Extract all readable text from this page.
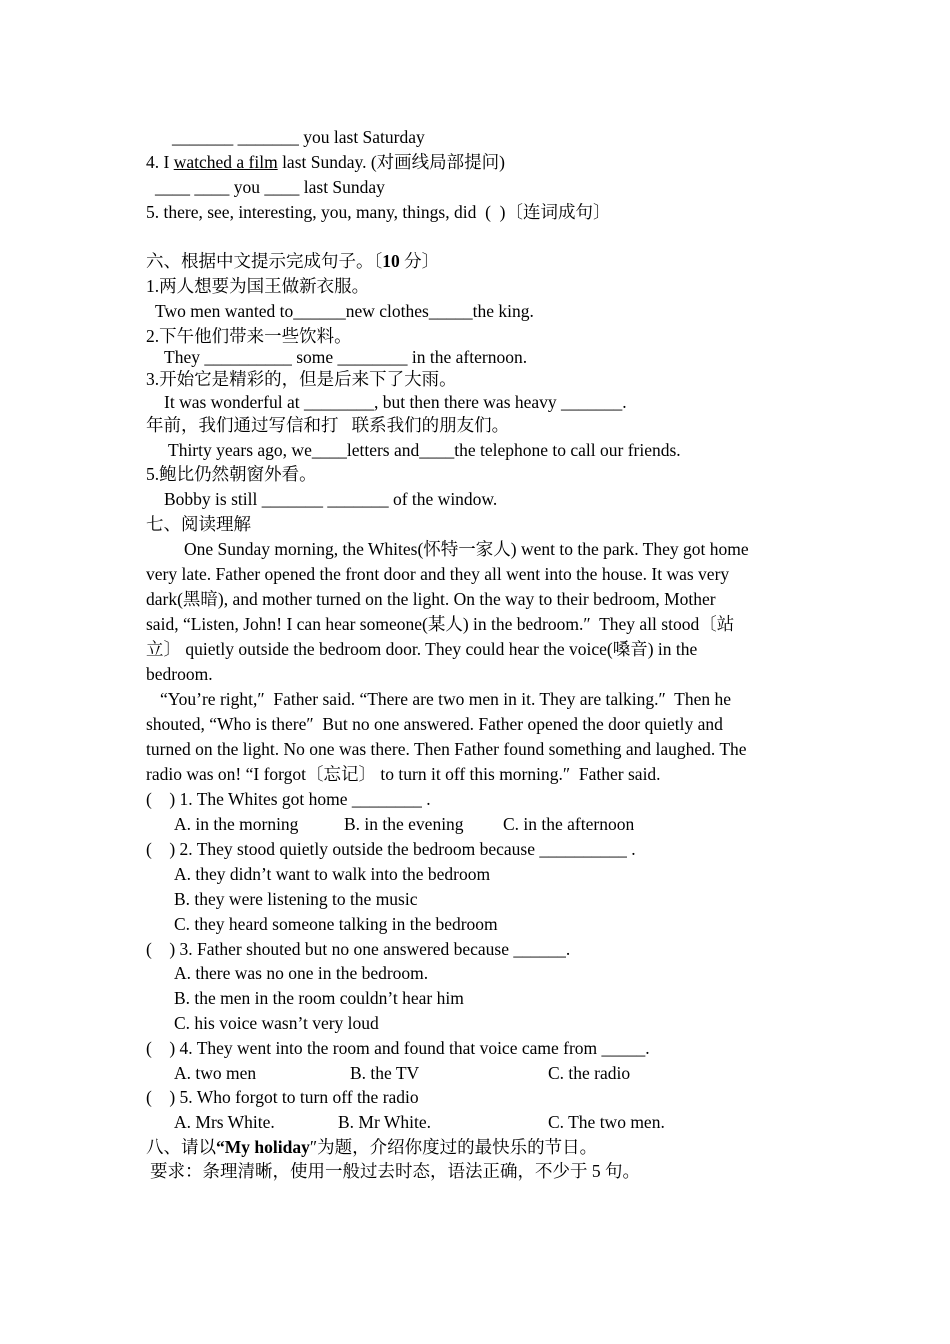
_______ _______ you last Saturday
4. I watched a film last Sunday. (对画线局部提问)
____ ____ you ____ last Sunday
5. there, see, interesting, you, many, things, did  (  )〔连词成句〕
六、根据中文提示完成句子。〔10 分〕
1.两人想要为国王做新衣服。
Two men wanted to______new clothes_____the king.
2.下午他们带来一些饮料。
They __________ some ________ in the afternoon.
3.开始它是精彩的，但是后来下了大雨。
It was wonderful at ________, but then there was heavy _______.
年前，我们通过写信和打   联系我们的朋友们。
Thirty years ago, we____letters and____the telephone to call our friends.
5.鲍比仍然朝窗外看。
Bobby is still _______ _______ of the window.
七、阅读理解
One Sunday morning, the Whites(怀特一家人) went to the park. They got home
very late. Father opened the front door and they all went into the house. It was very
dark(黑暗), and mother turned on the light. On the way to their bedroom, Mother
said, “Listen, John! I can hear someone(某人) in the bedroom.″  They all stood〔站
立〕 quietly outside the bedroom door. They could hear the voice(嗓音) in the
bedroom.
“You’re right,″  Father said. “There are two men in it. They are talking.″  Then he
shouted, “Who is there″  But no one answered. Father opened the door quietly and
turned on the light. No one was there. Then Father found something and laughed. The
radio was on! “I forgot〔忘记〕 to turn it off this morning.″  Father said.
(    ) 1. The Whites got home ________ .
A. in the morning	B. in the evening C. in the afternoon
(    ) 2. They stood quietly outside the bedroom because __________ .
A. they didn’t want to walk into the bedroom
B. they were listening to the music
C. they heard someone talking in the bedroom
(    ) 3. Father shouted but no one answered because ______.
A. there was no one in the bedroom.
B. the men in the room couldn’t hear him
C. his voice wasn’t very loud
(    ) 4. They went into the room and found that voice came from _____.
A. two men	B. the TV	C. the radio
(    ) 5. Who forgot to turn off the radio
A. Mrs White.	B. Mr White.	C. The two men.
八、请以“My holiday″为题，介绍你度过的最快乐的节日。
要求：条理清晰，使用一般过去时态，语法正确，不少于 5 句。
